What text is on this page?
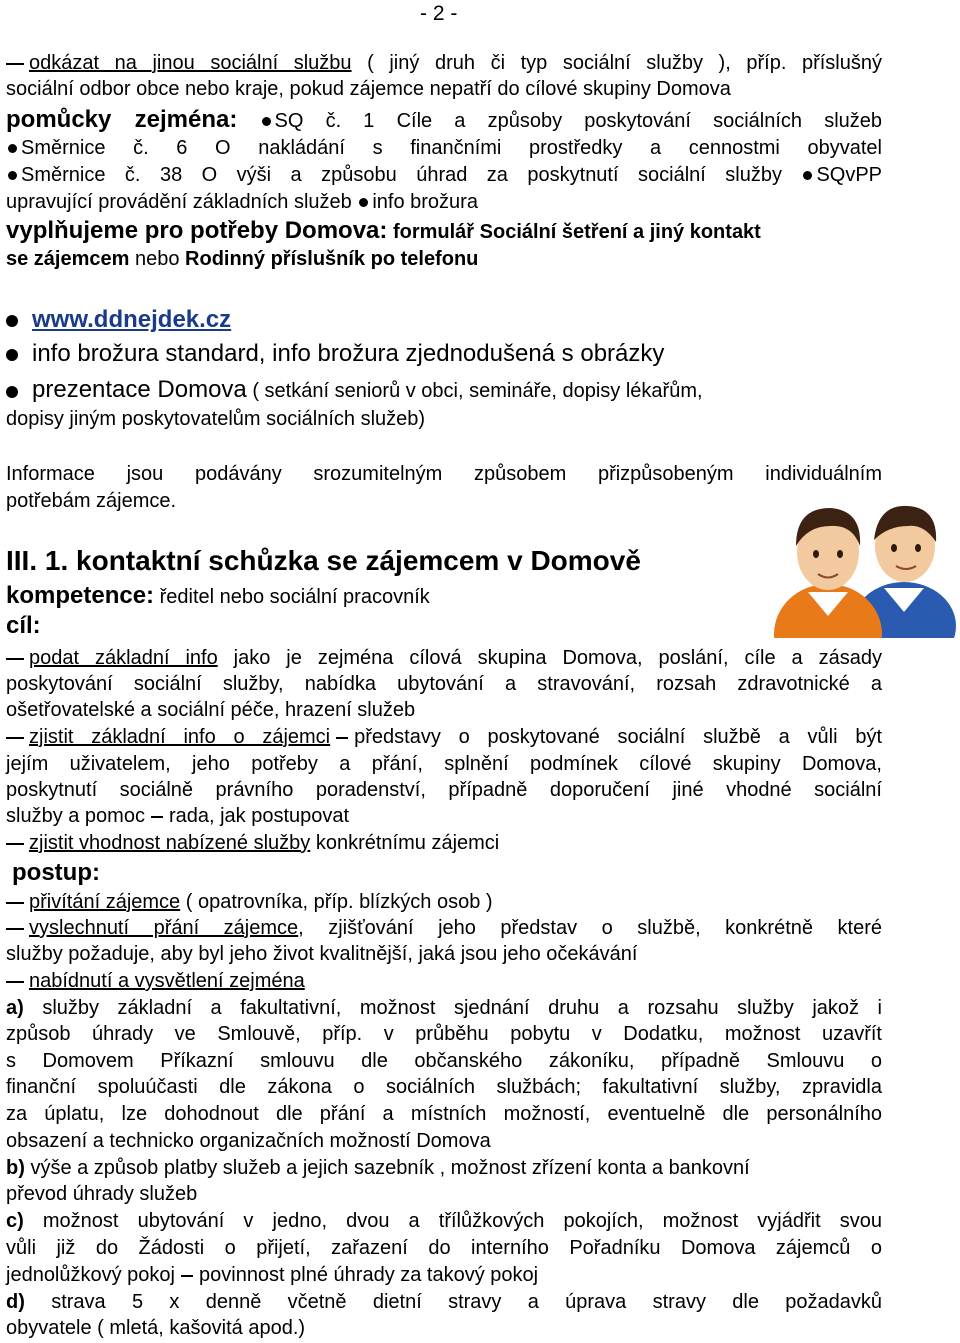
- 2 -
odkázat na jinou sociální službu ( jiný druh či typ sociální služby ), příp. příslušný
sociální odbor obce nebo kraje, pokud zájemce nepatří do cílové skupiny Domova
pomůcky zejména: SQ č. 1 Cíle a způsoby poskytování sociálních služeb
Směrnice č. 6 O nakládání s finančními prostředky a cennostmi obyvatel
Směrnice č. 38 O výši a způsobu úhrad za poskytnutí sociální služby SQvPP
upravující provádění základních služeb info brožura
vyplňujeme pro potřeby Domova: formulář Sociální šetření a jiný kontakt
se zájemcem nebo Rodinný příslušník po telefonu
www.ddnejdek.cz
info brožura standard, info brožura zjednodušená s obrázky
prezentace Domova ( setkání seniorů v obci, semináře, dopisy lékařům,
dopisy jiným poskytovatelům sociálních služeb)
Informace jsou podávány srozumitelným způsobem přizpůsobeným individuálním
potřebám zájemce.
III. 1. kontaktní schůzka se zájemcem v Domově
kompetence: ředitel nebo sociální pracovník
cíl:
podat základní info jako je zejména cílová skupina Domova, poslání, cíle a zásady
poskytování sociální služby, nabídka ubytování a stravování, rozsah zdravotnické a
ošetřovatelské a sociální péče, hrazení služeb
zjistit základní info o zájemci představy o poskytované sociální službě a vůli být
jejím uživatelem, jeho potřeby a přání, splnění podmínek cílové skupiny Domova,
poskytnutí sociálně právního poradenství, případně doporučení jiné vhodné sociální
služby a pomoc rada, jak postupovat
zjistit vhodnost nabízené služby konkrétnímu zájemci
postup:
přivítání zájemce ( opatrovníka, příp. blízkých osob )
vyslechnutí přání zájemce, zjišťování jeho představ o službě, konkrétně které
služby požaduje, aby byl jeho život kvalitnější, jaká jsou jeho očekávání
nabídnutí a vysvětlení zejména
a) služby základní a fakultativní, možnost sjednání druhu a rozsahu služby jakož i
způsob úhrady ve Smlouvě, příp. v průběhu pobytu v Dodatku, možnost uzavřít
s Domovem Příkazní smlouvu dle občanského zákoníku, případně Smlouvu o
finanční spoluúčasti dle zákona o sociálních službách; fakultativní služby, zpravidla
za úplatu, lze dohodnout dle přání a místních možností, eventuelně dle personálního
obsazení a technicko organizačních možností Domova
b) výše a způsob platby služeb a jejich sazebník , možnost zřízení konta a bankovní
převod úhrady služeb
c) možnost ubytování v jedno, dvou a třílůžkových pokojích, možnost vyjádřit svou
vůli již do Žádosti o přijetí, zařazení do interního Pořadníku Domova zájemců o
jednolůžkový pokoj povinnost plné úhrady za takový pokoj
d) strava 5 x denně včetně dietní stravy a úprava stravy dle požadavků
obyvatele ( mletá, kašovitá apod.)
